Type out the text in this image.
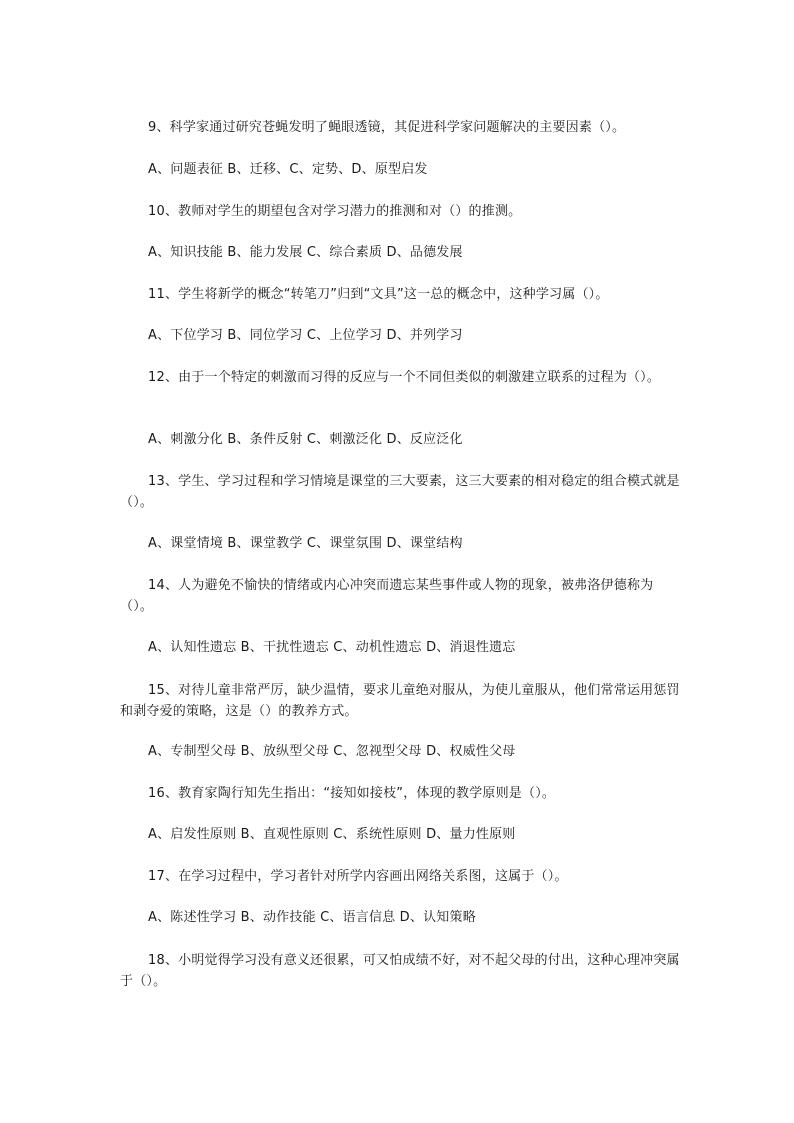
9、科学家通过研究苍蝇发明了蝇眼透镜，其促进科学家问题解决的主要因素（）。
A、问题表征 B、迁移、C、定势、D、原型启发
10、教师对学生的期望包含对学习潜力的推测和对（）的推测。
A、知识技能 B、能力发展 C、综合素质 D、品德发展
11、学生将新学的概念“转笔刀”归到“文具”这一总的概念中，这种学习属（）。
A、下位学习 B、同位学习 C、上位学习 D、并列学习
12、由于一个特定的刺激而习得的反应与一个不同但类似的刺激建立联系的过程为（）。
A、刺激分化 B、条件反射 C、刺激泛化 D、反应泛化
13、学生、学习过程和学习情境是课堂的三大要素，这三大要素的相对稳定的组合模式就是（）。
A、课堂情境 B、课堂教学 C、课堂氛围 D、课堂结构
14、人为避免不愉快的情绪或内心冲突而遗忘某些事件或人物的现象，被弗洛伊德称为（）。
A、认知性遗忘 B、干扰性遗忘 C、动机性遗忘 D、消退性遗忘
15、对待儿童非常严厉，缺少温情，要求儿童绝对服从，为使儿童服从，他们常常运用惩罚和剥夺爱的策略，这是（）的教养方式。
A、专制型父母 B、放纵型父母 C、忽视型父母 D、权威性父母
16、教育家陶行知先生指出：“接知如接枝”，体现的教学原则是（）。
A、启发性原则 B、直观性原则 C、系统性原则 D、量力性原则
17、在学习过程中，学习者针对所学内容画出网络关系图，这属于（）。
A、陈述性学习 B、动作技能 C、语言信息 D、认知策略
18、小明觉得学习没有意义还很累，可又怕成绩不好，对不起父母的付出，这种心理冲突属于（）。
